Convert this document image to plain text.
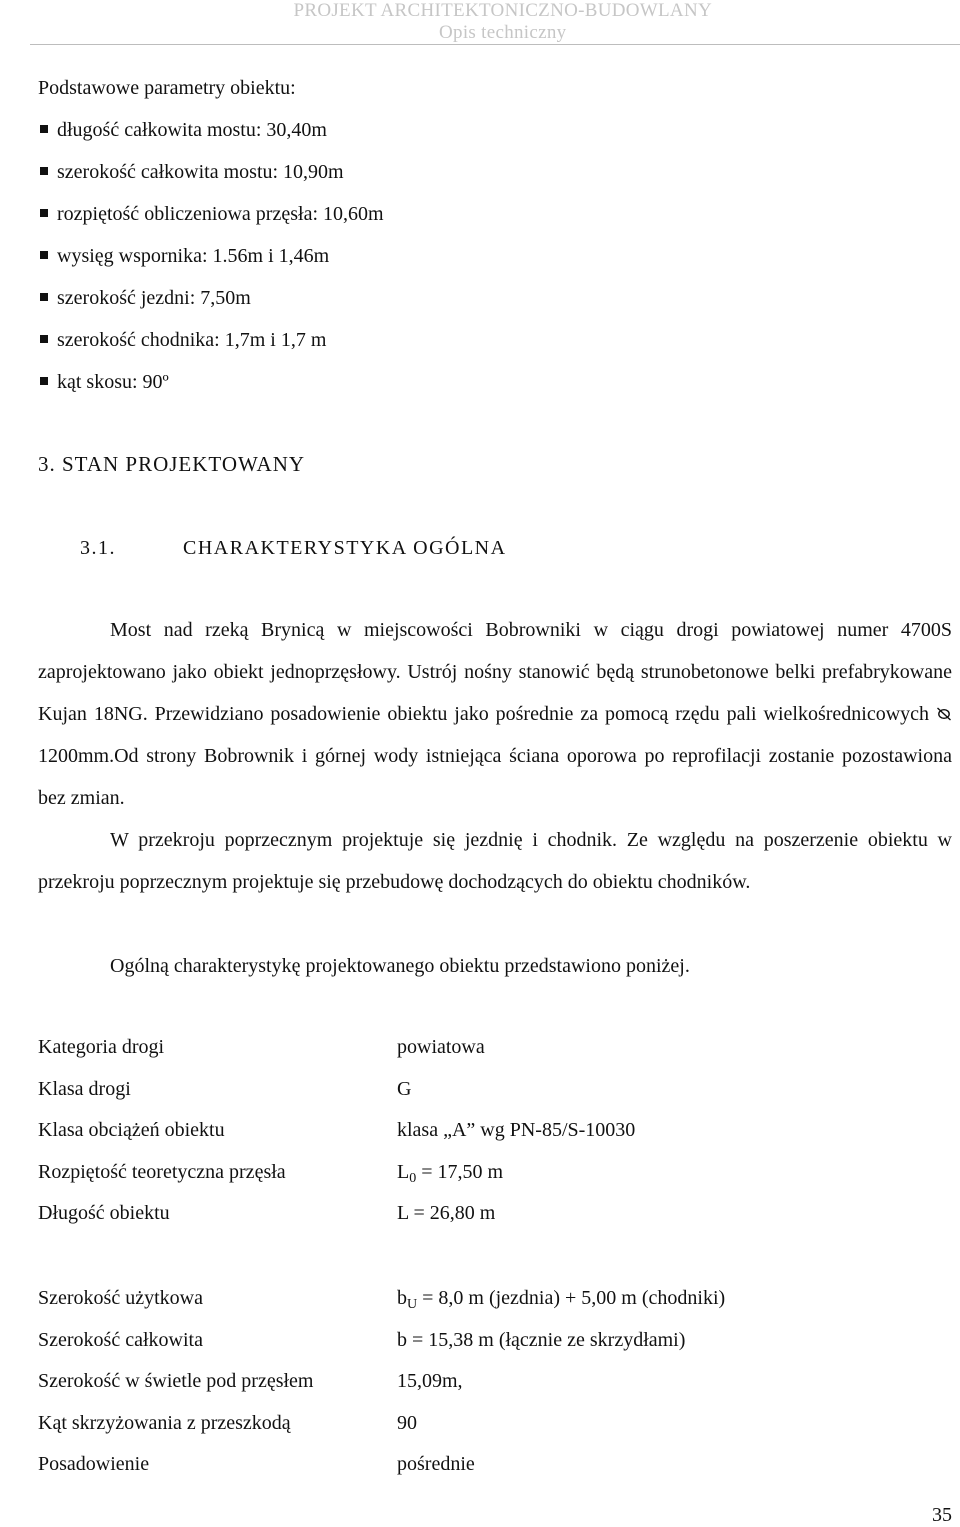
PROJEKT ARCHITEKTONICZNO-BUDOWLANY
Opis techniczny
Podstawowe parametry obiektu:
długość całkowita mostu: 30,40m
szerokość całkowita mostu: 10,90m
rozpiętość obliczeniowa przęsła: 10,60m
wysięg wspornika: 1.56m i 1,46m
szerokość jezdni: 7,50m
szerokość chodnika: 1,7m i 1,7 m
kąt skosu: 90º
3. STAN PROJEKTOWANY
3.1.	CHARAKTERYSTYKA OGÓLNA

Most nad rzeką Brynicą w miejscowości Bobrowniki w ciągu drogi powiatowej numer 4700S zaprojektowano jako obiekt jednoprzęsłowy. Ustrój nośny stanowić będą strunobetonowe belki prefabrykowane Kujan 18NG. Przewidziano posadowienie obiektu jako pośrednie za pomocą rzędu pali wielkośrednicowych 1200mm.Od strony Bobrownik i górnej wody istniejąca ściana oporowa po reprofilacji zostanie pozostawiona bez zmian.

W przekroju poprzecznym projektuje się jezdnię i chodnik. Ze względu na poszerzenie obiektu w przekroju poprzecznym projektuje się przebudowę dochodzących do obiektu chodników.

Ogólną charakterystykę projektowanego obiektu przedstawiono poniżej.

Kategoria drogi	powiatowa
Klasa drogi	G
Klasa obciążeń obiektu	klasa „A” wg PN-85/S-10030
Rozpiętość teoretyczna przęsła	$L_0 = 17,50$ m
Długość obiektu	L = 26,80 m
Szerokość użytkowa	$b_U = 8,0$ m (jezdnia) + 5,00 m (chodniki)
Szerokość całkowita	b = 15,38 m (łącznie ze skrzydłami)
Szerokość w świetle pod przęsłem	15,09m,
Kąt skrzyżowania z przeszkodą	90
Posadowienie	pośrednie
35
